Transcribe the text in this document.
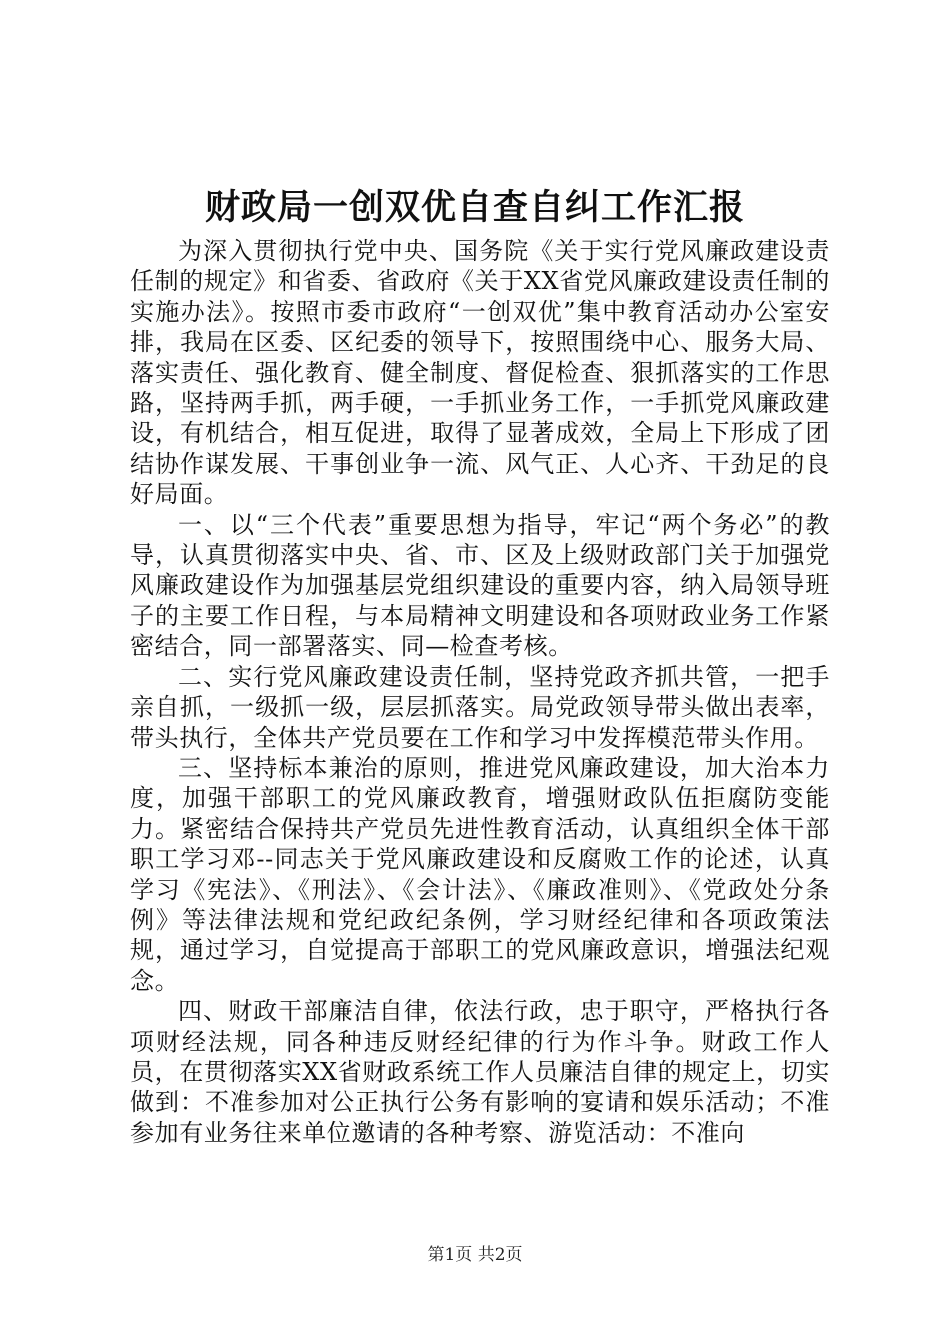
财政局一创双优自查自纠工作汇报

为深入贯彻执行党中央、国务院《关于实行党风廉政建设责任制的规定》和省委、省政府《关于XX省党风廉政建设责任制的实施办法》。按照市委市政府“一创双优”集中教育活动办公室安排，我局在区委、区纪委的领导下，按照围绕中心、服务大局、落实责任、强化教育、健全制度、督促检查、狠抓落实的工作思路，坚持两手抓，两手硬，一手抓业务工作，一手抓党风廉政建设，有机结合，相互促进，取得了显著成效，全局上下形成了团结协作谋发展、干事创业争一流、风气正、人心齐、干劲足的良好局面。

一、以“三个代表”重要思想为指导，牢记“两个务必”的教导，认真贯彻落实中央、省、市、区及上级财政部门关于加强党风廉政建设作为加强基层党组织建设的重要内容，纳入局领导班子的主要工作日程，与本局精神文明建设和各项财政业务工作紧密结合，同一部署落实、同—检查考核。

二、实行党风廉政建设责任制，坚持党政齐抓共管，一把手亲自抓，一级抓一级，层层抓落实。局党政领导带头做出表率，带头执行，全体共产党员要在工作和学习中发挥模范带头作用。

三、坚持标本兼治的原则，推进党风廉政建设，加大治本力度，加强干部职工的党风廉政教育，增强财政队伍拒腐防变能力。紧密结合保持共产党员先进性教育活动，认真组织全体干部职工学习邓--同志关于党风廉政建设和反腐败工作的论述，认真学习《宪法》、《刑法》、《会计法》、《廉政准则》、《党政处分条例》等法律法规和党纪政纪条例，学习财经纪律和各项政策法规，通过学习，自觉提高于部职工的党风廉政意识，增强法纪观念。

四、财政干部廉洁自律，依法行政，忠于职守，严格执行各项财经法规，同各种违反财经纪律的行为作斗争。财政工作人员，在贯彻落实XX省财政系统工作人员廉洁自律的规定上，切实做到：不准参加对公正执行公务有影响的宴请和娱乐活动；不准参加有业务往来单位邀请的各种考察、游览活动：不准向

第1页 共2页
